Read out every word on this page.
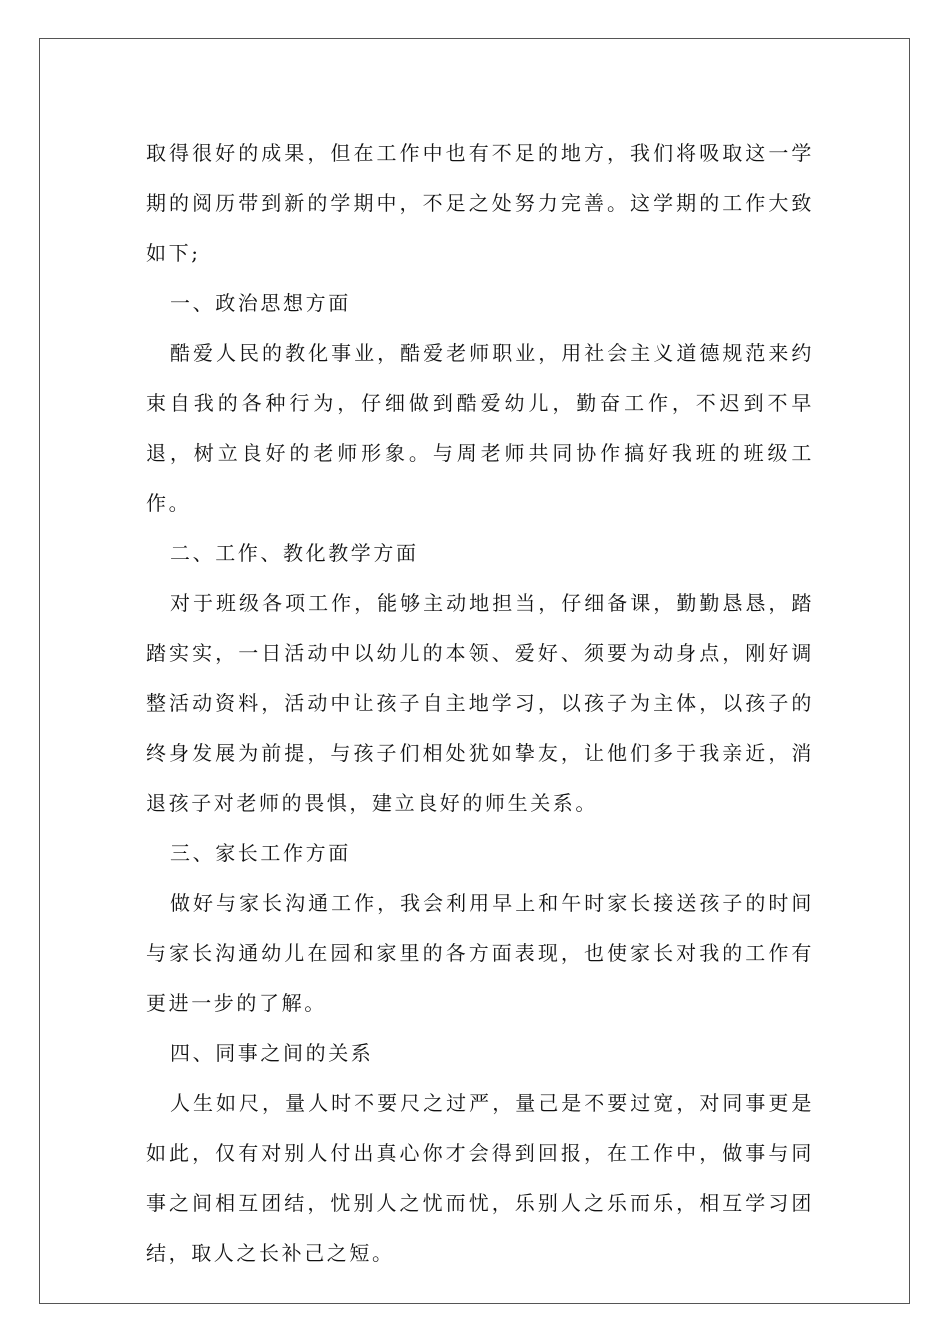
取得很好的成果，但在工作中也有不足的地方，我们将吸取这一学期的阅历带到新的学期中，不足之处努力完善。这学期的工作大致如下;

一、政治思想方面

酷爱人民的教化事业，酷爱老师职业，用社会主义道德规范来约束自我的各种行为，仔细做到酷爱幼儿，勤奋工作，不迟到不早退，树立良好的老师形象。与周老师共同协作搞好我班的班级工作。

二、工作、教化教学方面

对于班级各项工作，能够主动地担当，仔细备课，勤勤恳恳，踏踏实实，一日活动中以幼儿的本领、爱好、须要为动身点，刚好调整活动资料，活动中让孩子自主地学习，以孩子为主体，以孩子的终身发展为前提，与孩子们相处犹如挚友，让他们多于我亲近，消退孩子对老师的畏惧，建立良好的师生关系。

三、家长工作方面

做好与家长沟通工作，我会利用早上和午时家长接送孩子的时间与家长沟通幼儿在园和家里的各方面表现，也使家长对我的工作有更进一步的了解。

四、同事之间的关系

人生如尺，量人时不要尺之过严，量己是不要过宽，对同事更是如此，仅有对别人付出真心你才会得到回报，在工作中，做事与同事之间相互团结，忧别人之忧而忧，乐别人之乐而乐，相互学习团结，取人之长补己之短。
